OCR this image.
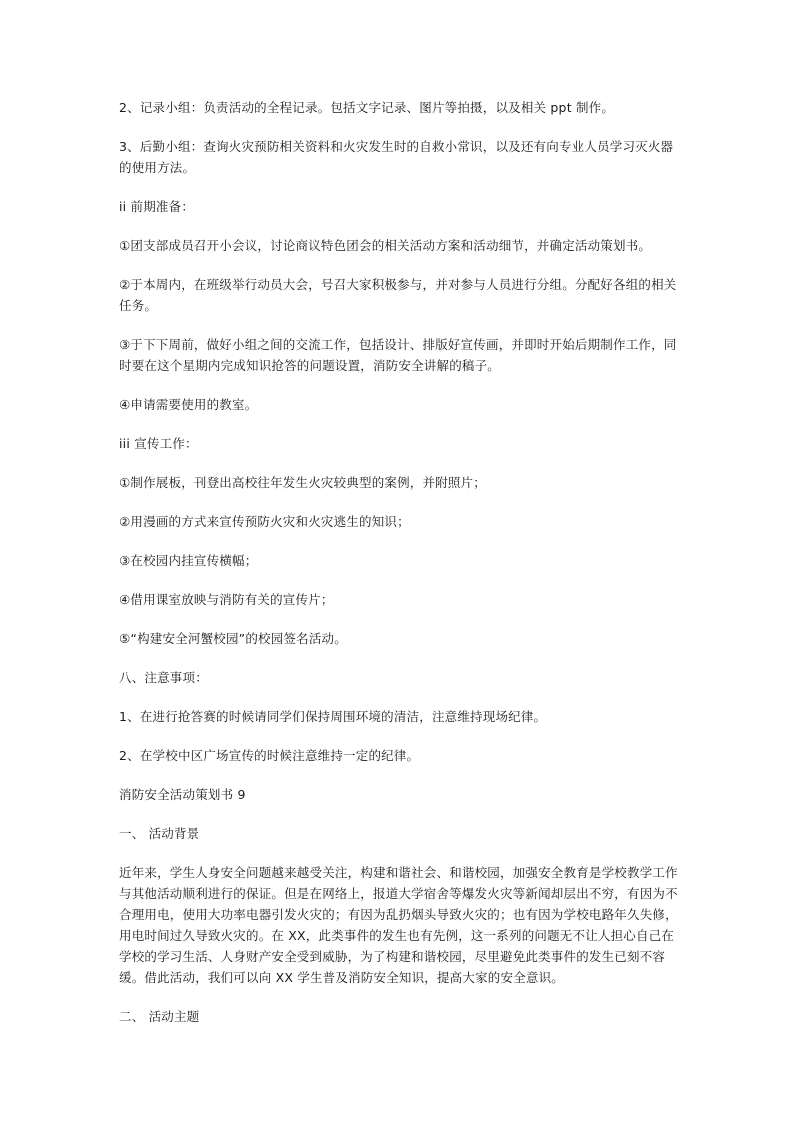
2、记录小组：负责活动的全程记录。包括文字记录、图片等拍摄，以及相关 ppt 制作。

3、后勤小组：查询火灾预防相关资料和火灾发生时的自救小常识，以及还有向专业人员学习灭火器的使用方法。

ii 前期准备：

①团支部成员召开小会议，讨论商议特色团会的相关活动方案和活动细节，并确定活动策划书。

②于本周内，在班级举行动员大会，号召大家积极参与，并对参与人员进行分组。分配好各组的相关任务。

③于下下周前，做好小组之间的交流工作，包括设计、排版好宣传画，并即时开始后期制作工作，同时要在这个星期内完成知识抢答的问题设置，消防安全讲解的稿子。

④申请需要使用的教室。

iii 宣传工作：

①制作展板，刊登出高校往年发生火灾较典型的案例，并附照片；

②用漫画的方式来宣传预防火灾和火灾逃生的知识；

③在校园内挂宣传横幅；

④借用课室放映与消防有关的宣传片；

⑤“构建安全河蟹校园”的校园签名活动。

八、注意事项：

1、在进行抢答赛的时候请同学们保持周围环境的清洁，注意维持现场纪律。

2、在学校中区广场宣传的时候注意维持一定的纪律。

消防安全活动策划书 9

一、 活动背景

近年来，学生人身安全问题越来越受关注，构建和谐社会、和谐校园，加强安全教育是学校教学工作与其他活动顺利进行的保证。但是在网络上，报道大学宿舍等爆发火灾等新闻却层出不穷，有因为不合理用电，使用大功率电器引发火灾的；有因为乱扔烟头导致火灾的；也有因为学校电路年久失修，用电时间过久导致火灾的。在 XX，此类事件的发生也有先例，这一系列的问题无不让人担心自己在学校的学习生活、人身财产安全受到威胁，为了构建和谐校园，尽里避免此类事件的发生已刻不容缓。借此活动，我们可以向 XX 学生普及消防安全知识，提高大家的安全意识。

二、 活动主题
